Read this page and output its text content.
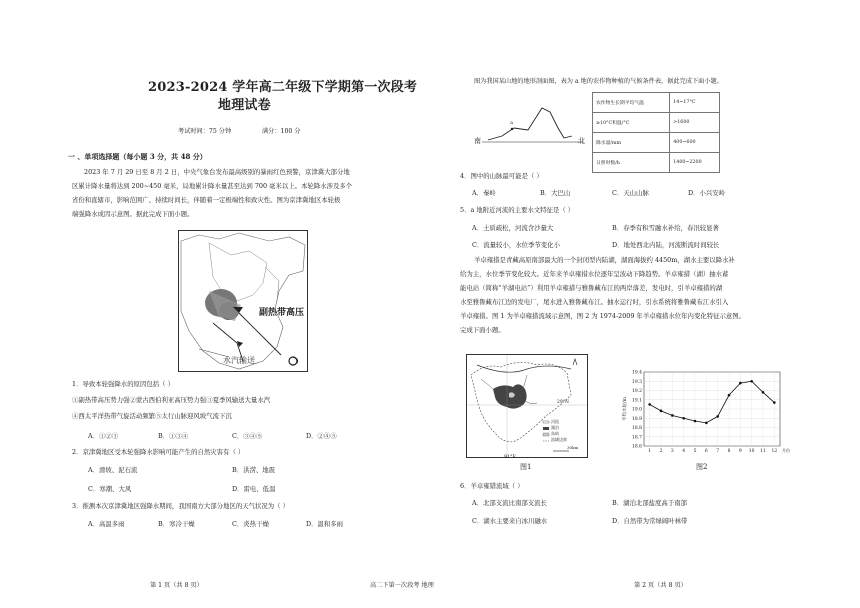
2023-2024 学年高二年级下学期第一次段考
地理试卷
考试时间：75 分钟	满分：100 分
一 、单项选择题（每小题 3 分，共 48 分）
2023 年 7 月 29 日至 8 月 2 日，中央气象台发布最高级别的暴雨红色预警，京津冀大部分地
区累计降水量将达到 200~450 毫米，局地累计降水量甚至达到 700 毫米以上。本轮降水涉及多个
省份和直辖市，影响范围广、持续时间长，伴随着一定极端性和致灾性。图为京津冀地区本轮极
端强降水成因示意图。据此完成下面小题。
副热带高压
水汽输送
1．导致本轮强降水的原因包括（ ）
①副热带高压势力强②蒙古西伯利亚高压势力强③夏季风输送大量水汽
④西太平洋热带气旋活动频繁⑤太行山脉迎风坡气流下沉
A．①②③	B．①③④	C．③④⑤	D．②④⑤
2．京津冀地区受本轮强降水影响可能产生的自然灾害有（ ）
A．滑坡、泥石流	B．洪涝、地震
C．寒潮、大风	D．雷电、低温
3．推测本次京津冀地区强降水期间，我国南方大部分地区的天气状况为（ ）
A．高温多雨	B．寒冷干燥	C．炎热干燥	D．温和多雨
图为我国某山地的地形剖面图，表为 a 地的农作物种植的气候条件表，据此完成下面小题。
南	北
a
农作物生长期平均气温	14~17°C
≥10°C积温/°C	>1600
降水量/mm	400~600
日照时数/h	1400~2200
4．图中的山脉最可能是（ ）
A．秦岭	B．大巴山	C．天山山脉	D．小兴安岭
5．a 地附近河流的主要水文特征是（ ）
A．土质疏松，河流含沙量大	B．春季有积雪融水补给，春汛较显著
C．流量较小，水位季节变化小	D．地处西北内陆，河流断流时间较长
羊卓雍措是青藏高原南部最大的一个封闭型内陆湖，湖面海拔约 4450m，湖水主要以降水补
给为主，水位季节变化较大。近年来羊卓雍措水位逐年呈波动下降趋势。羊卓雍措（湖）抽水蓄
能电站（简称“羊湖电站”）利用羊卓雍措与雅鲁藏布江的两岸落差，发电时，引羊卓雍措的湖
水至雅鲁藏布江边的发电厂，尾水进入雅鲁藏布江。抽水运行时，引水系统将雅鲁藏布江水引入
羊卓雍措。图 1 为羊卓雍措流域示意图，图 2 为 1974-2009 年羊卓雍措水位年内变化特征示意图。
完成下面小题。
29°N
河流
湖泊
岛屿
流域边界
30km
91°E
图1
19.4
19.3
19.2
19.1
19.0
18.9
18.8
18.7
18.6
1 2 3 4 5 6 7 8 9 10 11 12 月份
平均水位/m
图2
6．羊卓雍错流域（ ）
A．北部支流比南部支流长	B．湖泊北部盐度高于南部
C．湖水主要来自冰川融水	D．自然带为常绿阔叶林带
第 1 页（共 8 页）	高二下第一次段考 地理	第 2 页（共 8 页）
